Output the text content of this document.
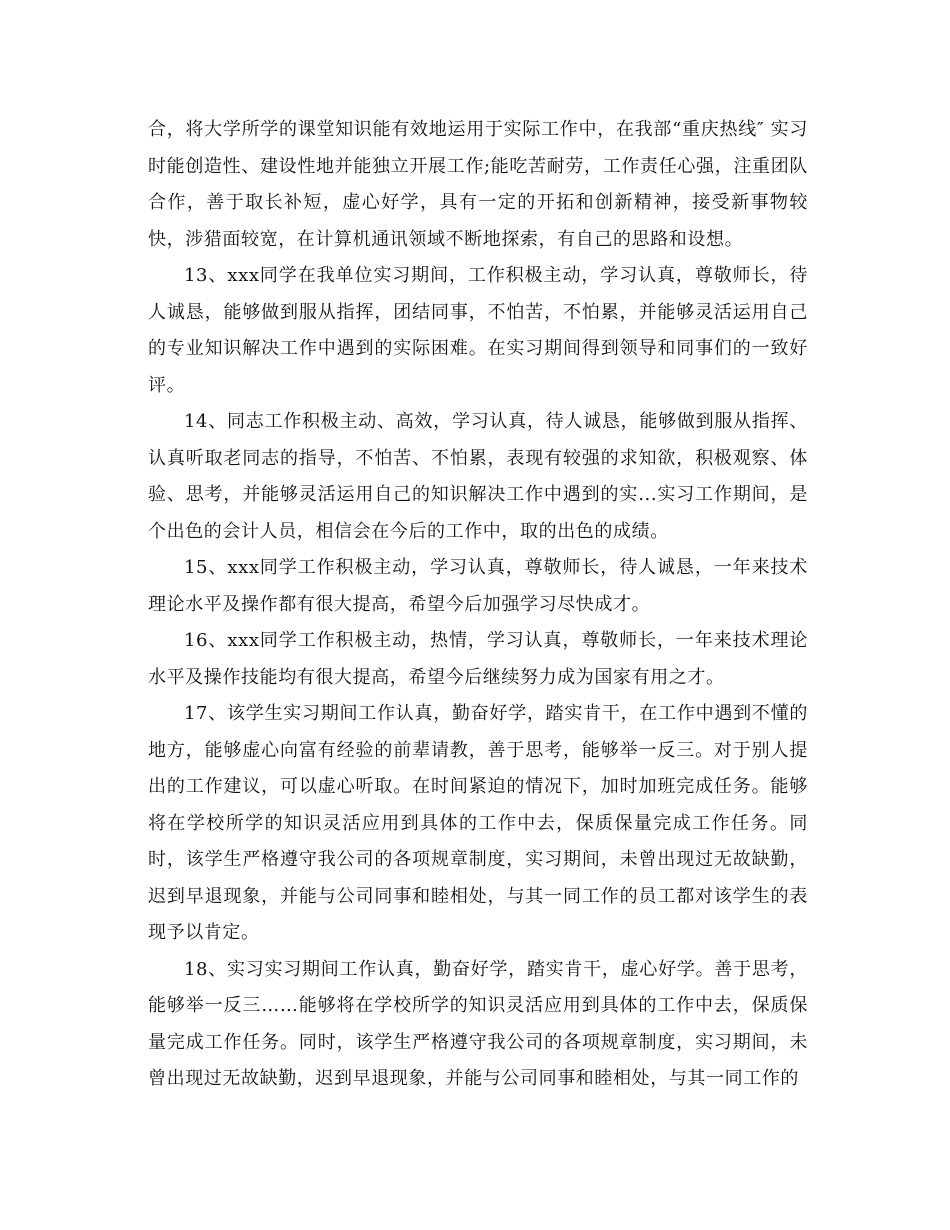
合，将大学所学的课堂知识能有效地运用于实际工作中，在我部“重庆热线″ 实习时能创造性、建设性地并能独立开展工作;能吃苦耐劳，工作责任心强，注重团队合作，善于取长补短，虚心好学，具有一定的开拓和创新精神，接受新事物较快，涉猎面较宽，在计算机通讯领域不断地探索，有自己的思路和设想。

13、xxx同学在我单位实习期间，工作积极主动，学习认真，尊敬师长，待人诚恳，能够做到服从指挥，团结同事，不怕苦，不怕累，并能够灵活运用自己的专业知识解决工作中遇到的实际困难。在实习期间得到领导和同事们的一致好评。

14、同志工作积极主动、高效，学习认真，待人诚恳，能够做到服从指挥、认真听取老同志的指导，不怕苦、不怕累，表现有较强的求知欲，积极观察、体验、思考，并能够灵活运用自己的知识解决工作中遇到的实...实习工作期间，是个出色的会计人员，相信会在今后的工作中，取的出色的成绩。

15、xxx同学工作积极主动，学习认真，尊敬师长，待人诚恳，一年来技术理论水平及操作都有很大提高，希望今后加强学习尽快成才。

16、xxx同学工作积极主动，热情，学习认真，尊敬师长，一年来技术理论水平及操作技能均有很大提高，希望今后继续努力成为国家有用之才。

17、该学生实习期间工作认真，勤奋好学，踏实肯干，在工作中遇到不懂的地方，能够虚心向富有经验的前辈请教，善于思考，能够举一反三。对于别人提出的工作建议，可以虚心听取。在时间紧迫的情况下，加时加班完成任务。能够将在学校所学的知识灵活应用到具体的工作中去，保质保量完成工作任务。同时，该学生严格遵守我公司的各项规章制度，实习期间，未曾出现过无故缺勤，迟到早退现象，并能与公司同事和睦相处，与其一同工作的员工都对该学生的表现予以肯定。

18、实习实习期间工作认真，勤奋好学，踏实肯干，虚心好学。善于思考，能够举一反三……能够将在学校所学的知识灵活应用到具体的工作中去，保质保量完成工作任务。同时，该学生严格遵守我公司的各项规章制度，实习期间，未曾出现过无故缺勤，迟到早退现象，并能与公司同事和睦相处，与其一同工作的
